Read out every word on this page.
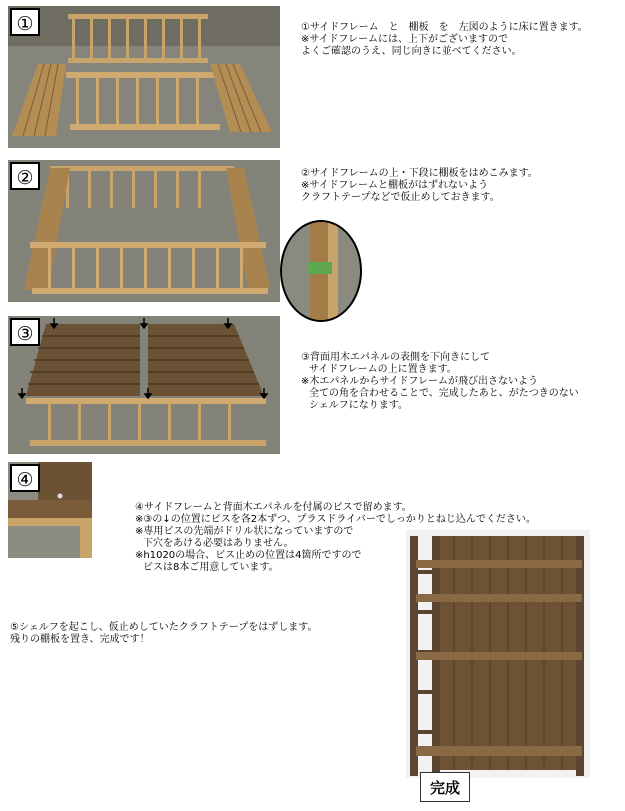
①	①サイドフレーム　と　棚板　を　左図のように床に置きます。
※サイドフレームには、上下がございますので
よくご確認のうえ、同じ向きに並べてください。
②	②サイドフレームの上・下段に棚板をはめこみます。
※サイドフレームと棚板がはずれないよう
クラフトテープなどで仮止めしておきます。
③
③背面用木エパネルの表側を下向きにして
サイドフレームの上に置きます。
※木エパネルからサイドフレームが飛び出さないよう
全ての角を合わせることで、完成したあと、がたつきのない
シェルフになります。
④
④サイドフレームと背面木エパネルを付属のビスで留めます。
※③の↓の位置にビスを各2本ずつ、プラスドライバーでしっかりとねじ込んでください。
※専用ビスの先端がドリル状になっていますので
下穴をあける必要はありません。
※h1020の場合、ビス止めの位置は4箇所ですので
ビスは8本ご用意しています。
⑤シェルフを起こし、仮止めしていたクラフトテープをはずします。
残りの棚板を置き、完成です！
完成
